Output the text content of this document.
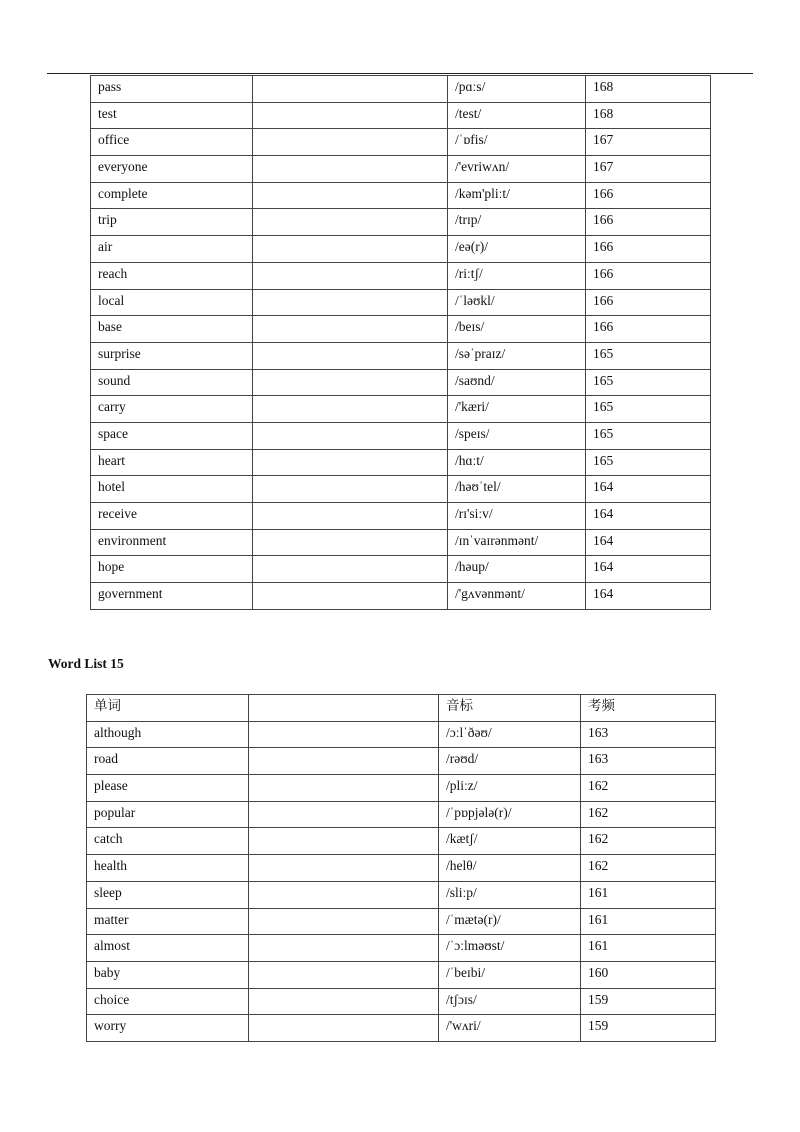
pass		/pɑːs/	168
test		/test/	168
office		/ˈɒfis/	167
everyone		/'evriwʌn/	167
complete		/kəm'pliːt/	166
trip		/trɪp/	166
air		/eə(r)/	166
reach		/riːtʃ/	166
local		/ˈləʊkl/	166
base		/beɪs/	166
surprise		/səˈpraɪz/	165
sound		/saʊnd/	165
carry		/'kæri/	165
space		/speɪs/	165
heart		/hɑːt/	165
hotel		/həʊˈtel/	164
receive		/rɪ'siːv/	164
environment		/ɪnˈvaɪrənmənt/	164
hope		/həup/	164
government		/'gʌvənmənt/	164
Word List 15
单词		音标	考频
although		/ɔːlˈðəʊ/	163
road		/rəʊd/	163
please		/pliːz/	162
popular		/ˈpɒpjələ(r)/	162
catch		/kætʃ/	162
health		/helθ/	162
sleep		/sliːp/	161
matter		/ˈmætə(r)/	161
almost		/ˈɔːlməʊst/	161
baby		/ˈbeɪbi/	160
choice		/tʃɔɪs/	159
worry		/'wʌri/	159
